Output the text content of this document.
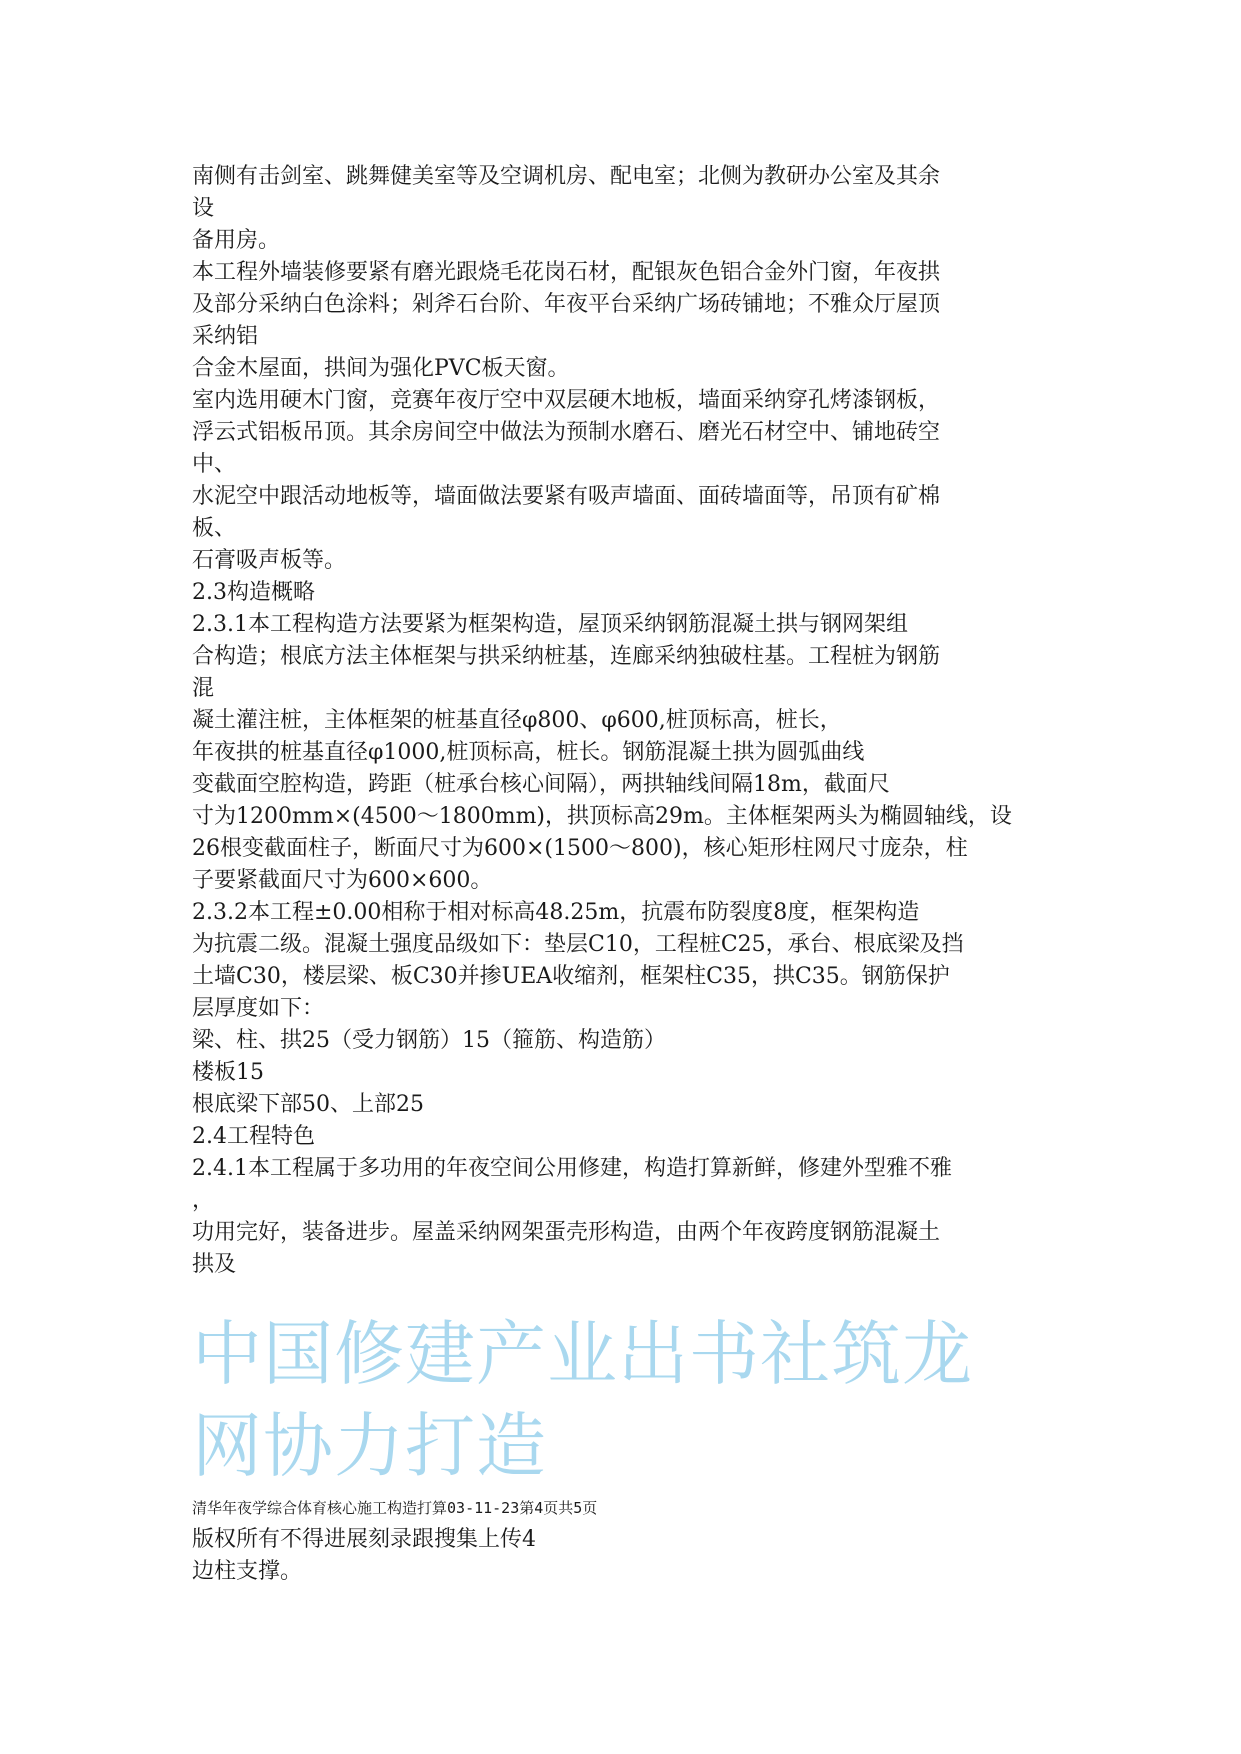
南侧有击剑室、跳舞健美室等及空调机房、配电室；北侧为教研办公室及其余
设
备用房。
本工程外墙装修要紧有磨光跟烧毛花岗石材，配银灰色铝合金外门窗，年夜拱
及部分采纳白色涂料；剁斧石台阶、年夜平台采纳广场砖铺地；不雅众厅屋顶
采纳铝
合金木屋面，拱间为强化PVC板天窗。
室内选用硬木门窗，竞赛年夜厅空中双层硬木地板，墙面采纳穿孔烤漆钢板，
浮云式铝板吊顶。其余房间空中做法为预制水磨石、磨光石材空中、铺地砖空
中、
水泥空中跟活动地板等，墙面做法要紧有吸声墙面、面砖墙面等，吊顶有矿棉
板、
石膏吸声板等。
2.3构造概略
2.3.1本工程构造方法要紧为框架构造，屋顶采纳钢筋混凝土拱与钢网架组
合构造；根底方法主体框架与拱采纳桩基，连廊采纳独破柱基。工程桩为钢筋
混
凝土灌注桩，主体框架的桩基直径φ800、φ600,桩顶标高，桩长，
年夜拱的桩基直径φ1000,桩顶标高，桩长。钢筋混凝土拱为圆弧曲线
变截面空腔构造，跨距（桩承台核心间隔），两拱轴线间隔18m，截面尺
寸为1200mm×(4500～1800mm)，拱顶标高29m。主体框架两头为椭圆轴线，设
26根变截面柱子，断面尺寸为600×(1500～800)，核心矩形柱网尺寸庞杂，柱
子要紧截面尺寸为600×600。
2.3.2本工程±0.00相称于相对标高48.25m，抗震布防裂度8度，框架构造
为抗震二级。混凝土强度品级如下：垫层C10，工程桩C25，承台、根底梁及挡
土墙C30，楼层梁、板C30并掺UEA收缩剂，框架柱C35，拱C35。钢筋保护
层厚度如下：
梁、柱、拱25（受力钢筋）15（箍筋、构造筋）
楼板15
根底梁下部50、上部25
2.4工程特色
2.4.1本工程属于多功用的年夜空间公用修建，构造打算新鲜，修建外型雅不雅
，
功用完好，装备进步。屋盖采纳网架蛋壳形构造，由两个年夜跨度钢筋混凝土
拱及
中国修建产业出书社筑龙
网协力打造
清华年夜学综合体育核心施工构造打算03-11-23第4页共5页
版权所有不得进展刻录跟搜集上传4
边柱支撑。
